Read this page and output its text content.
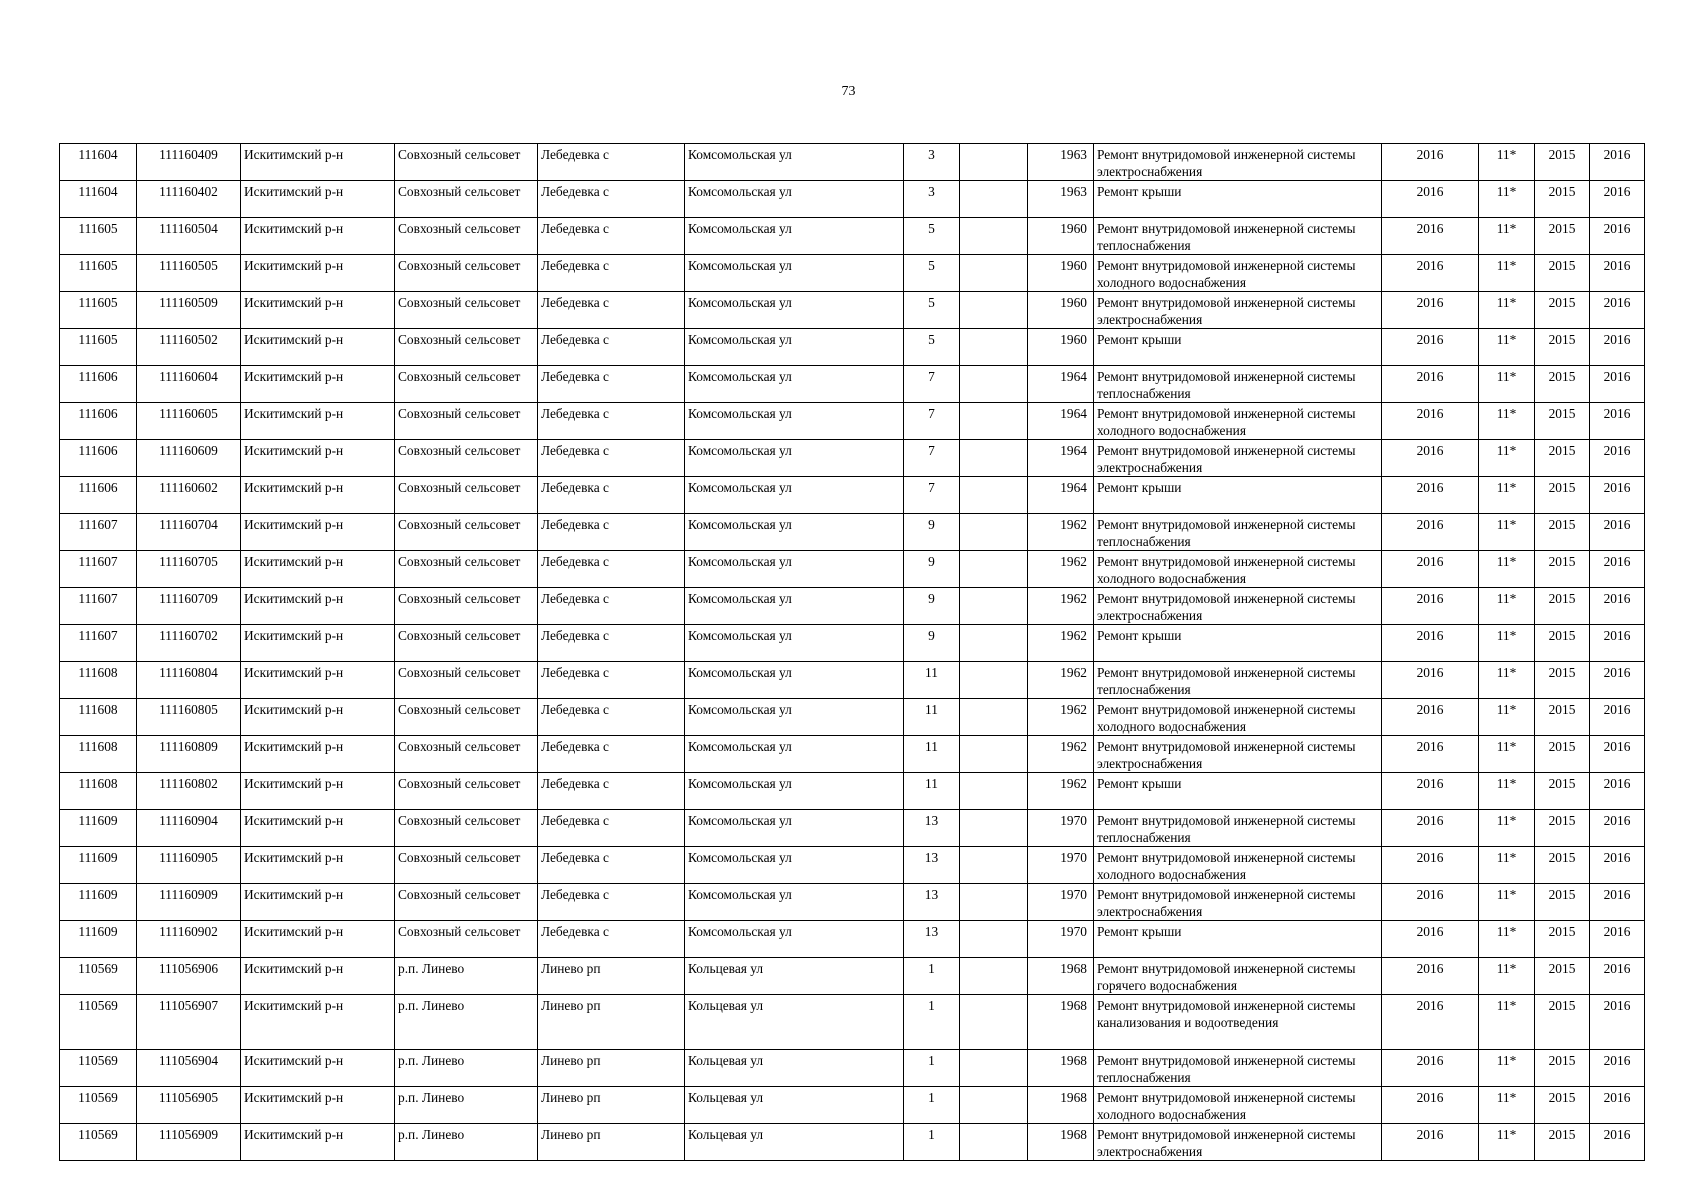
73
111604	111160409	Искитимский р-н	Совхозный сельсовет	Лебедевка с	Комсомольская ул	3		1963	Ремонт внутридомовой инженерной системы электроснабжения	2016	11*	2015	2016
111604	111160402	Искитимский р-н	Совхозный сельсовет	Лебедевка с	Комсомольская ул	3		1963	Ремонт крыши	2016	11*	2015	2016
111605	111160504	Искитимский р-н	Совхозный сельсовет	Лебедевка с	Комсомольская ул	5		1960	Ремонт внутридомовой инженерной системы теплоснабжения	2016	11*	2015	2016
111605	111160505	Искитимский р-н	Совхозный сельсовет	Лебедевка с	Комсомольская ул	5		1960	Ремонт внутридомовой инженерной системы холодного водоснабжения	2016	11*	2015	2016
111605	111160509	Искитимский р-н	Совхозный сельсовет	Лебедевка с	Комсомольская ул	5		1960	Ремонт внутридомовой инженерной системы электроснабжения	2016	11*	2015	2016
111605	111160502	Искитимский р-н	Совхозный сельсовет	Лебедевка с	Комсомольская ул	5		1960	Ремонт крыши	2016	11*	2015	2016
111606	111160604	Искитимский р-н	Совхозный сельсовет	Лебедевка с	Комсомольская ул	7		1964	Ремонт внутридомовой инженерной системы теплоснабжения	2016	11*	2015	2016
111606	111160605	Искитимский р-н	Совхозный сельсовет	Лебедевка с	Комсомольская ул	7		1964	Ремонт внутридомовой инженерной системы холодного водоснабжения	2016	11*	2015	2016
111606	111160609	Искитимский р-н	Совхозный сельсовет	Лебедевка с	Комсомольская ул	7		1964	Ремонт внутридомовой инженерной системы электроснабжения	2016	11*	2015	2016
111606	111160602	Искитимский р-н	Совхозный сельсовет	Лебедевка с	Комсомольская ул	7		1964	Ремонт крыши	2016	11*	2015	2016
111607	111160704	Искитимский р-н	Совхозный сельсовет	Лебедевка с	Комсомольская ул	9		1962	Ремонт внутридомовой инженерной системы теплоснабжения	2016	11*	2015	2016
111607	111160705	Искитимский р-н	Совхозный сельсовет	Лебедевка с	Комсомольская ул	9		1962	Ремонт внутридомовой инженерной системы холодного водоснабжения	2016	11*	2015	2016
111607	111160709	Искитимский р-н	Совхозный сельсовет	Лебедевка с	Комсомольская ул	9		1962	Ремонт внутридомовой инженерной системы электроснабжения	2016	11*	2015	2016
111607	111160702	Искитимский р-н	Совхозный сельсовет	Лебедевка с	Комсомольская ул	9		1962	Ремонт крыши	2016	11*	2015	2016
111608	111160804	Искитимский р-н	Совхозный сельсовет	Лебедевка с	Комсомольская ул	11		1962	Ремонт внутридомовой инженерной системы теплоснабжения	2016	11*	2015	2016
111608	111160805	Искитимский р-н	Совхозный сельсовет	Лебедевка с	Комсомольская ул	11		1962	Ремонт внутридомовой инженерной системы холодного водоснабжения	2016	11*	2015	2016
111608	111160809	Искитимский р-н	Совхозный сельсовет	Лебедевка с	Комсомольская ул	11		1962	Ремонт внутридомовой инженерной системы электроснабжения	2016	11*	2015	2016
111608	111160802	Искитимский р-н	Совхозный сельсовет	Лебедевка с	Комсомольская ул	11		1962	Ремонт крыши	2016	11*	2015	2016
111609	111160904	Искитимский р-н	Совхозный сельсовет	Лебедевка с	Комсомольская ул	13		1970	Ремонт внутридомовой инженерной системы теплоснабжения	2016	11*	2015	2016
111609	111160905	Искитимский р-н	Совхозный сельсовет	Лебедевка с	Комсомольская ул	13		1970	Ремонт внутридомовой инженерной системы холодного водоснабжения	2016	11*	2015	2016
111609	111160909	Искитимский р-н	Совхозный сельсовет	Лебедевка с	Комсомольская ул	13		1970	Ремонт внутридомовой инженерной системы электроснабжения	2016	11*	2015	2016
111609	111160902	Искитимский р-н	Совхозный сельсовет	Лебедевка с	Комсомольская ул	13		1970	Ремонт крыши	2016	11*	2015	2016
110569	111056906	Искитимский р-н	р.п. Линево	Линево рп	Кольцевая ул	1		1968	Ремонт внутридомовой инженерной системы горячего водоснабжения	2016	11*	2015	2016
110569	111056907	Искитимский р-н	р.п. Линево	Линево рп	Кольцевая ул	1		1968	Ремонт внутридомовой инженерной системы канализования и водоотведения	2016	11*	2015	2016
110569	111056904	Искитимский р-н	р.п. Линево	Линево рп	Кольцевая ул	1		1968	Ремонт внутридомовой инженерной системы теплоснабжения	2016	11*	2015	2016
110569	111056905	Искитимский р-н	р.п. Линево	Линево рп	Кольцевая ул	1		1968	Ремонт внутридомовой инженерной системы холодного водоснабжения	2016	11*	2015	2016
110569	111056909	Искитимский р-н	р.п. Линево	Линево рп	Кольцевая ул	1		1968	Ремонт внутридомовой инженерной системы электроснабжения	2016	11*	2015	2016
